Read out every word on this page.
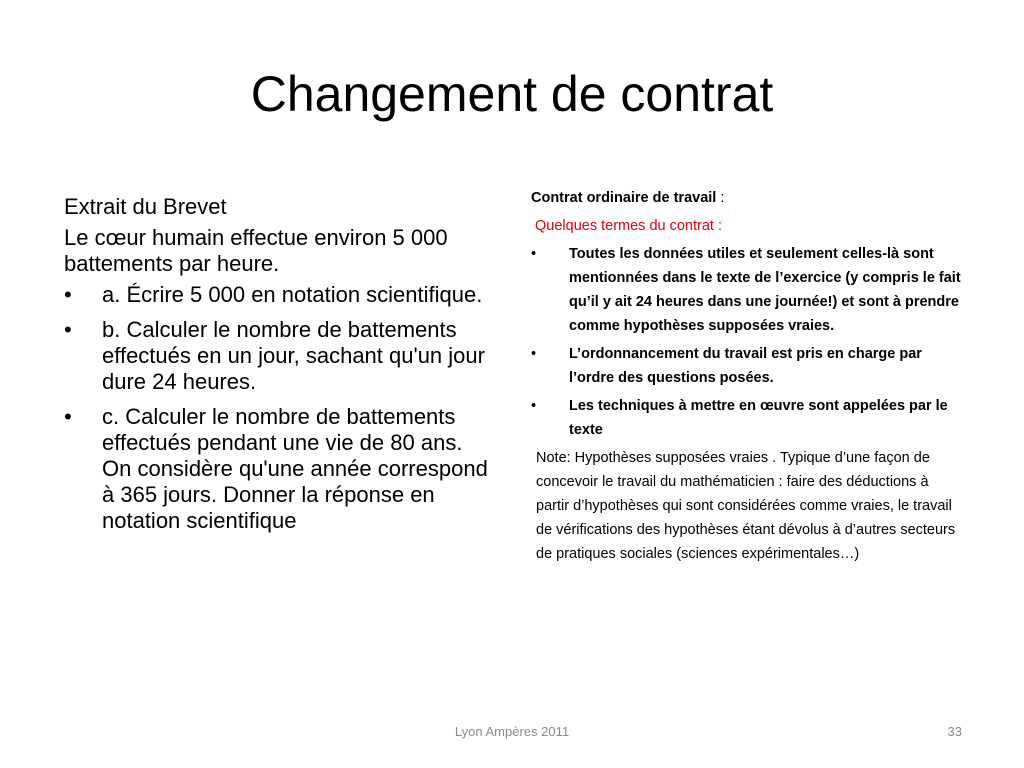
Changement de contrat

Extrait du Brevet

Le cœur humain effectue environ 5 000 battements par heure.

• a. Écrire 5 000 en notation scientifique.
• b. Calculer le nombre de battements effectués en un jour, sachant qu'un jour dure 24 heures.
• c. Calculer le nombre de battements effectués pendant une vie de 80 ans. On considère qu'une année correspond à 365 jours. Donner la réponse en notation scientifique

Contrat ordinaire de travail :

Quelques termes du contrat :

• Toutes les données utiles et seulement celles-là sont mentionnées dans le texte de l’exercice (y compris le fait qu’il y ait 24 heures dans une journée!) et sont à prendre comme hypothèses supposées vraies.
• L’ordonnancement du travail est pris en charge par l’ordre des questions posées.
• Les techniques à mettre en œuvre sont appelées par le texte

Note: Hypothèses supposées vraies . Typique d’une façon de concevoir le travail du mathématicien : faire des déductions à partir d’hypothèses qui sont considérées comme vraies, le travail de vérifications des hypothèses étant dévolus à d’autres secteurs de pratiques sociales (sciences expérimentales…)

Lyon Ampères 2011	33
